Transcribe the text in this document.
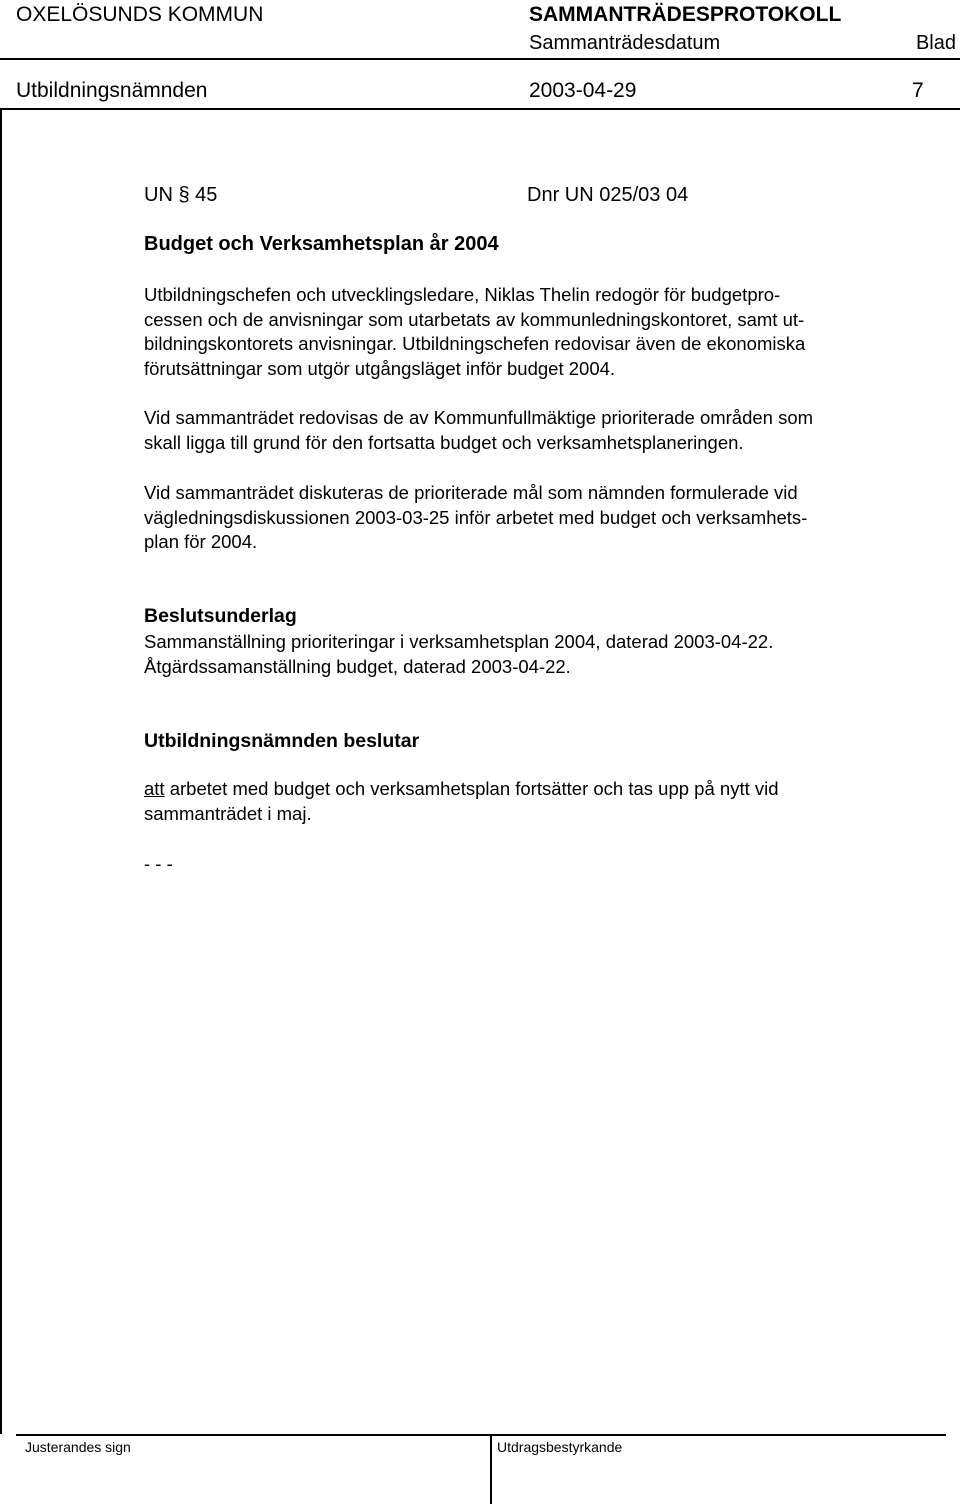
OXELÖSUNDS KOMMUN	SAMMANTRÄDESPROTOKOLL
Sammanträdesdatum	Blad
Utbildningsnämnden	2003-04-29	7
UN § 45	Dnr UN 025/03 04
Budget och Verksamhetsplan år 2004
Utbildningschefen och utvecklingsledare, Niklas Thelin redogör för budgetpro-
cessen och de anvisningar som utarbetats av kommunledningskontoret, samt ut-
bildningskontorets anvisningar. Utbildningschefen redovisar även de ekonomiska
förutsättningar som utgör utgångsläget inför budget 2004.
Vid sammanträdet redovisas de av Kommunfullmäktige prioriterade områden som
skall ligga till grund för den fortsatta budget och verksamhetsplaneringen.
Vid sammanträdet diskuteras de prioriterade mål som nämnden formulerade vid
vägledningsdiskussionen 2003-03-25 inför arbetet med budget och verksamhets-
plan för 2004.
Beslutsunderlag
Sammanställning prioriteringar i verksamhetsplan 2004, daterad 2003-04-22.
Åtgärdssamanställning budget, daterad 2003-04-22.
Utbildningsnämnden beslutar
att arbetet med budget och verksamhetsplan fortsätter och tas upp på nytt vid
sammanträdet i maj.
- - -
Justerandes sign	Utdragsbestyrkande
